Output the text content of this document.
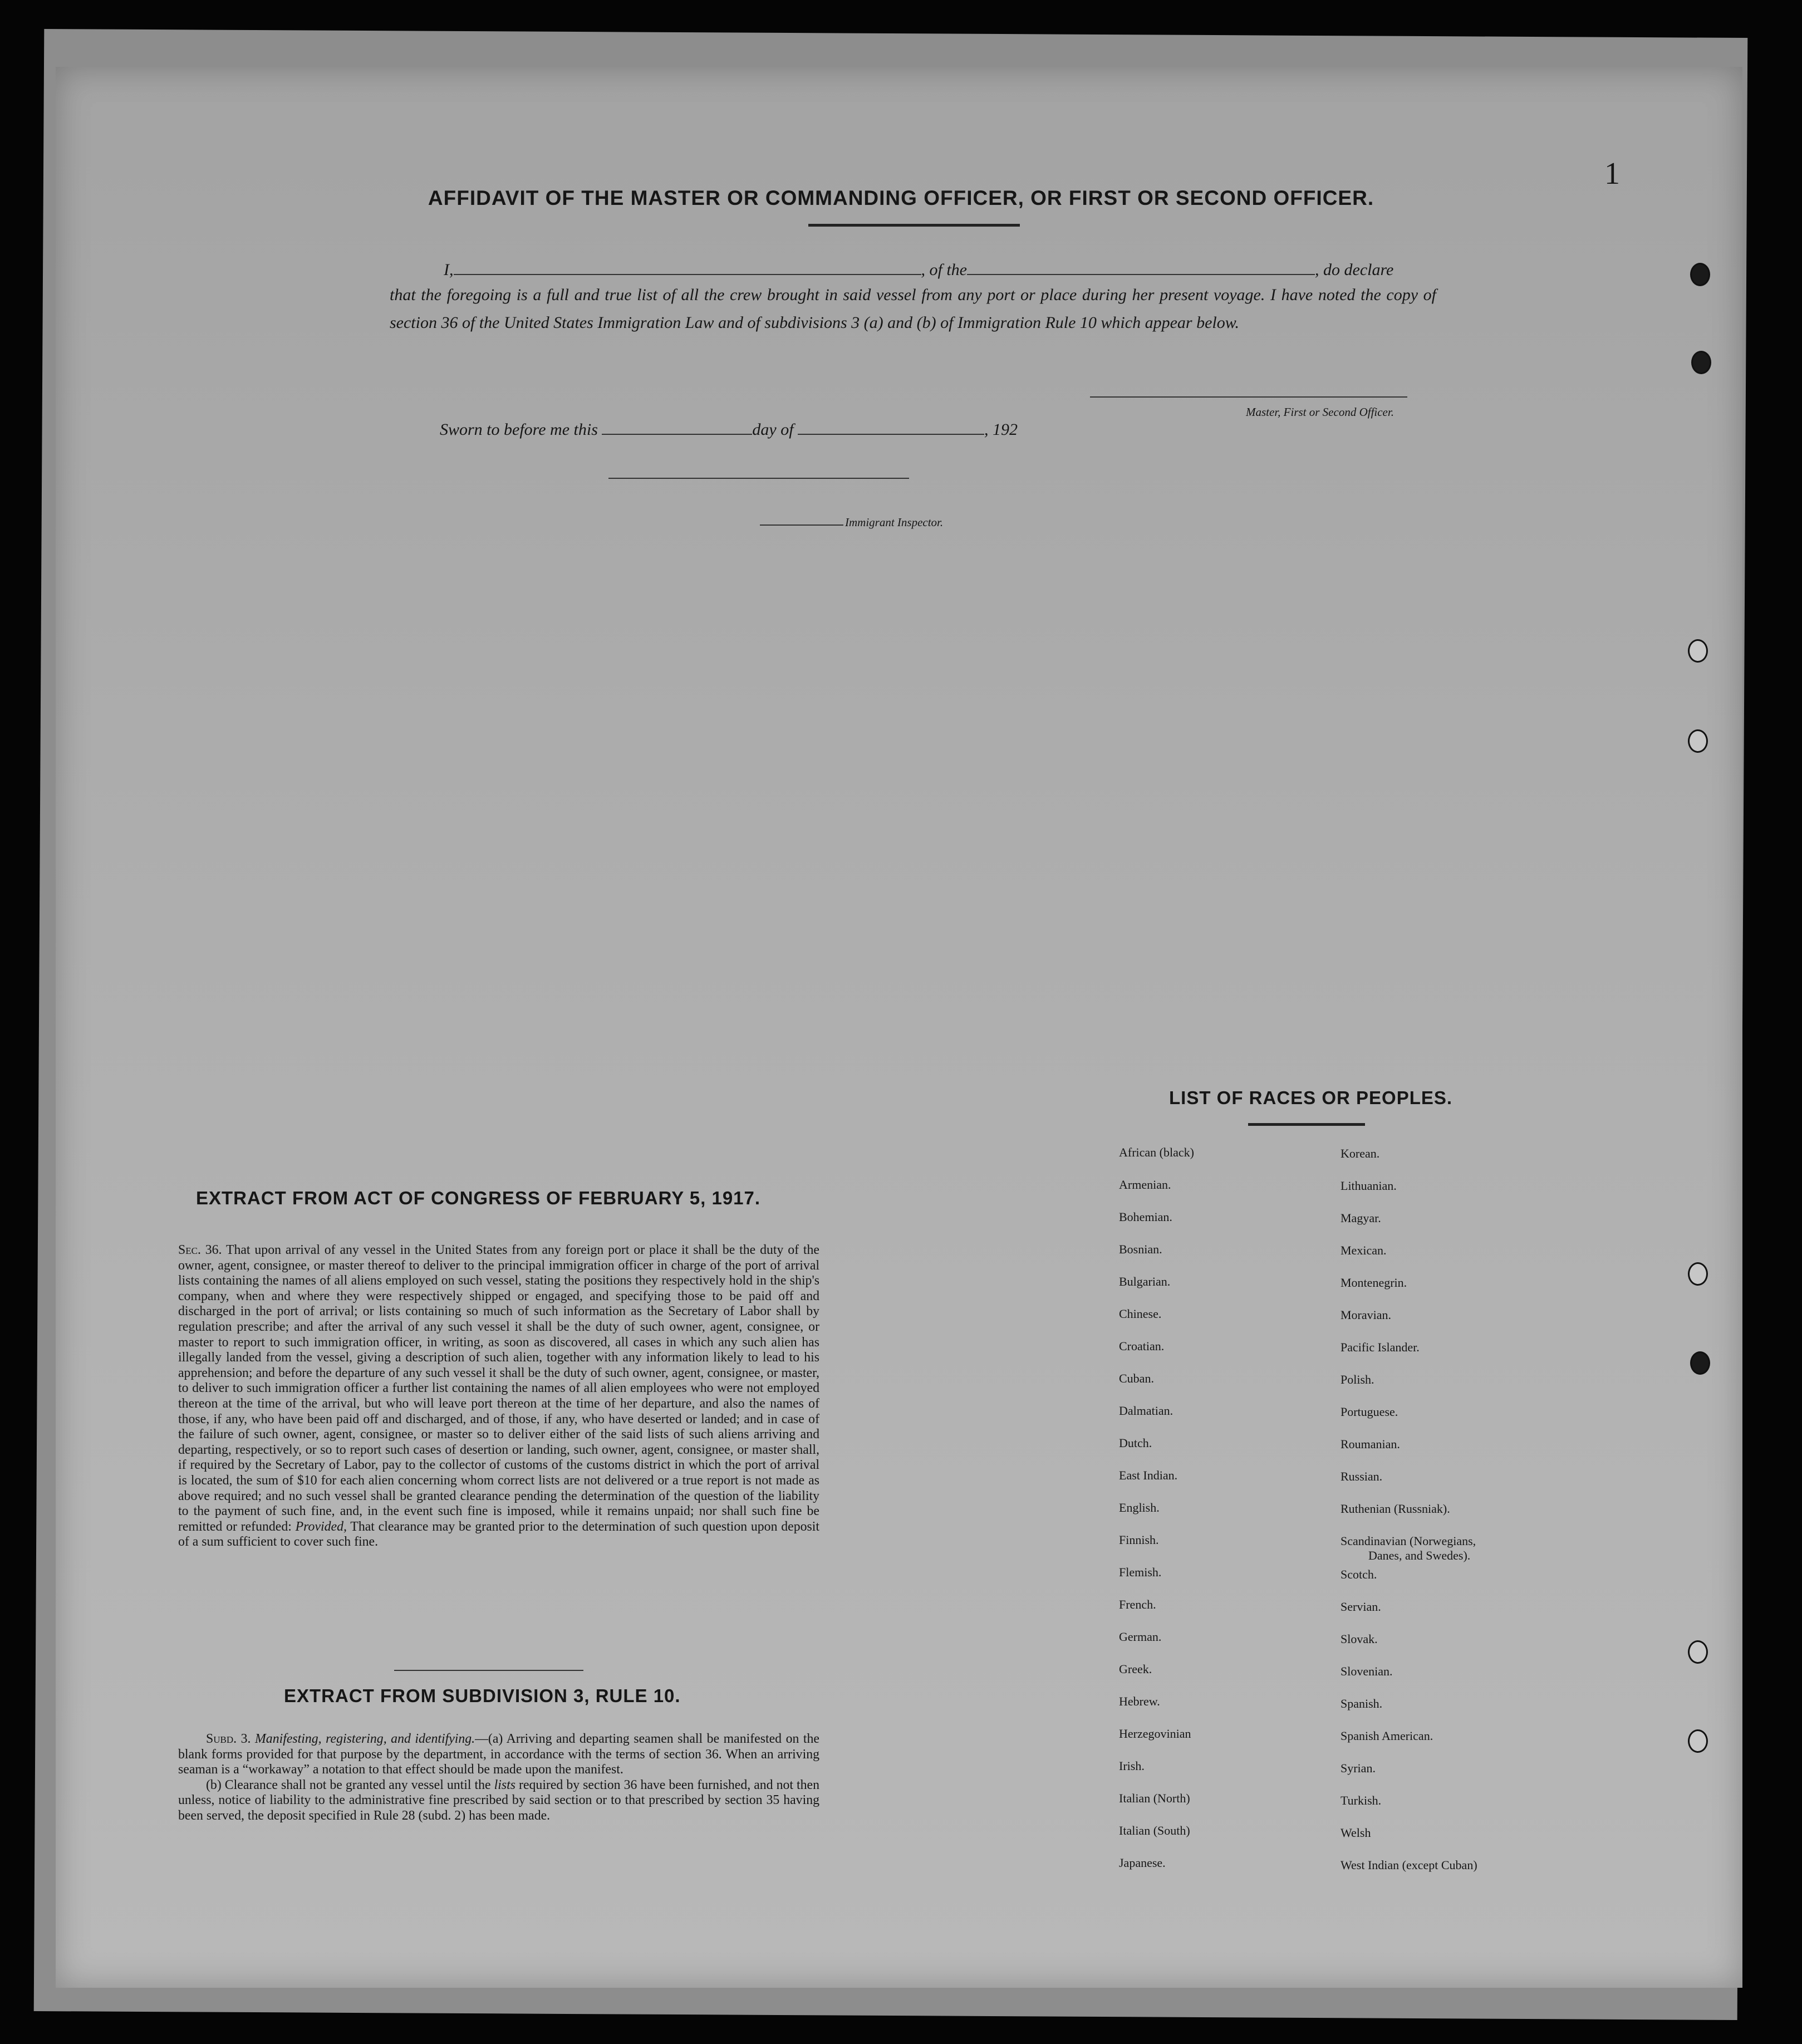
1
AFFIDAVIT OF THE MASTER OR COMMANDING OFFICER, OR FIRST OR SECOND OFFICER.
I,	, of the	, do declare
that the foregoing is a full and true list of all the crew brought in said vessel from any port or place during her present voyage. I have noted the copy of section 36 of the United States Immigration Law and of subdivisions 3 (a) and (b) of Immigration Rule 10 which appear below.
Master, First or Second Officer.
Sworn to before me this	day of	, 192
Immigrant Inspector.
EXTRACT FROM ACT OF CONGRESS OF FEBRUARY 5, 1917.
Sec. 36. That upon arrival of any vessel in the United States from any foreign port or place it shall be the duty of the owner, agent, consignee, or master thereof to deliver to the principal immigration officer in charge of the port of arrival lists containing the names of all aliens employed on such vessel, stating the positions they respectively hold in the ship's company, when and where they were respectively shipped or engaged, and specifying those to be paid off and discharged in the port of arrival; or lists containing so much of such information as the Secretary of Labor shall by regulation prescribe; and after the arrival of any such vessel it shall be the duty of such owner, agent, consignee, or master to report to such immigration officer, in writing, as soon as discovered, all cases in which any such alien has illegally landed from the vessel, giving a description of such alien, together with any information likely to lead to his apprehension; and before the departure of any such vessel it shall be the duty of such owner, agent, consignee, or master, to deliver to such immigration officer a further list containing the names of all alien employees who were not employed thereon at the time of the arrival, but who will leave port thereon at the time of her departure, and also the names of those, if any, who have been paid off and discharged, and of those, if any, who have deserted or landed; and in case of the failure of such owner, agent, consignee, or master so to deliver either of the said lists of such aliens arriving and departing, respectively, or so to report such cases of desertion or landing, such owner, agent, consignee, or master shall, if required by the Secretary of Labor, pay to the collector of customs of the customs district in which the port of arrival is located, the sum of $10 for each alien concerning whom correct lists are not delivered or a true report is not made as above required; and no such vessel shall be granted clearance pending the determination of the question of the liability to the payment of such fine, and, in the event such fine is imposed, while it remains unpaid; nor shall such fine be remitted or refunded: Provided, That clearance may be granted prior to the determination of such question upon deposit of a sum sufficient to cover such fine.
EXTRACT FROM SUBDIVISION 3, RULE 10.
Subd. 3. Manifesting, registering, and identifying.—(a) Arriving and departing seamen shall be manifested on the blank forms provided for that purpose by the department, in accordance with the terms of section 36. When an arriving seaman is a “workaway” a notation to that effect should be made upon the manifest.
(b) Clearance shall not be granted any vessel until the lists required by section 36 have been furnished, and not then unless, notice of liability to the administrative fine prescribed by said section or to that prescribed by section 35 having been served, the deposit specified in Rule 28 (subd. 2) has been made.
LIST OF RACES OR PEOPLES.
African (black)
Armenian.
Bohemian.
Bosnian.
Bulgarian.
Chinese.
Croatian.
Cuban.
Dalmatian.
Dutch.
East Indian.
English.
Finnish.
Flemish.
French.
German.
Greek.
Hebrew.
Herzegovinian
Irish.
Italian (North)
Italian (South)
Japanese.
Korean.
Lithuanian.
Magyar.
Mexican.
Montenegrin.
Moravian.
Pacific Islander.
Polish.
Portuguese.
Roumanian.
Russian.
Ruthenian (Russniak).
Scandinavian (Norwegians,
Danes, and Swedes).
Scotch.
Servian.
Slovak.
Slovenian.
Spanish.
Spanish American.
Syrian.
Turkish.
Welsh
West Indian (except Cuban)
